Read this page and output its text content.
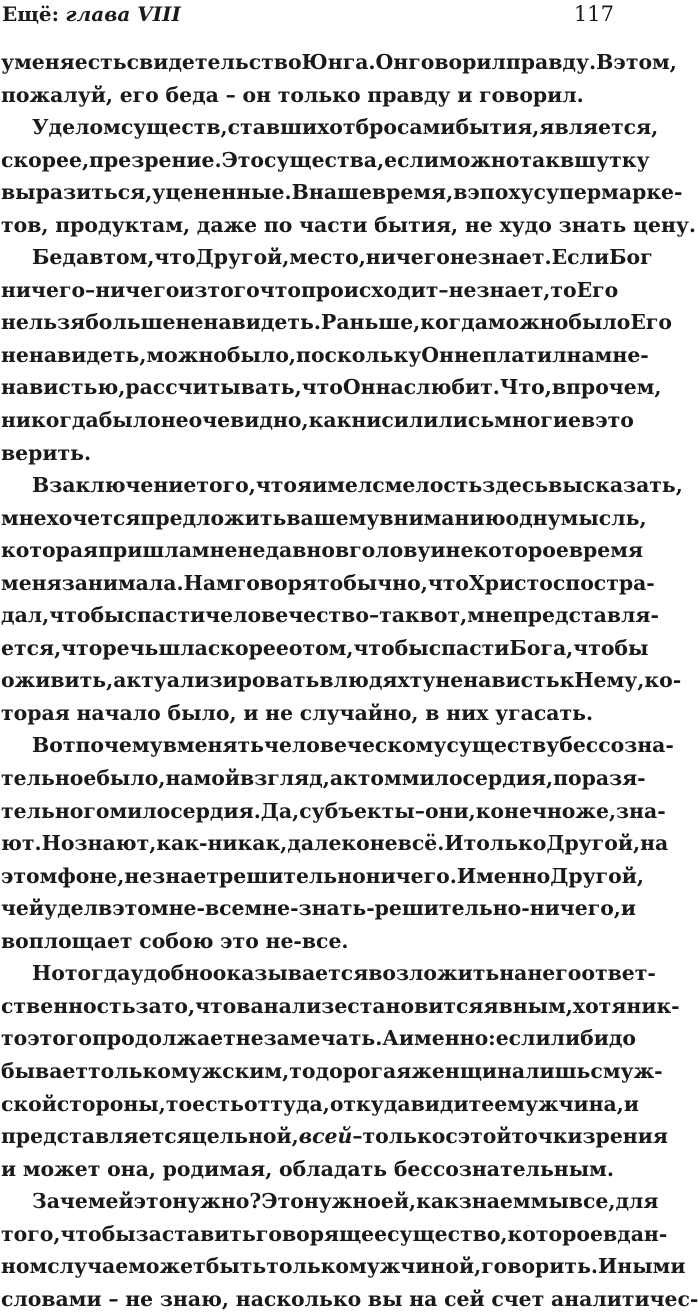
Ещё: глава VIII	117
у меня есть свидетельство Юнга. Он говорил правду. В этом,
пожалуй, его беда – он только правду и говорил.
Уделом существ, ставших отбросами бытия, является,
скорее, презрение. Это существа, если можно так в шутку
выразиться, уцененные. В наше время, в эпоху супермаркe-
тов, продуктам, даже по части бытия, не худо знать цену.
Беда в том, что Другой, место, ничего не знает. Если Бог
ничего – ничего из того что происходит – не знает, то Его
нельзя больше ненавидеть. Раньше, когда можно было Его
ненавидеть, можно было, поскольку Он не платил нам не-
навистью, рассчитывать, что Он нас любит. Что, впрочем,
никогда было не очевидно, как ни силились многие в это
верить.
В заключение того, что я имел смелость здесь высказать,
мне хочется предложить вашему вниманию одну мысль,
которая пришла мне недавно в голову и некоторое время
меня занимала. Нам говорят обычно, что Христос постра-
дал, чтобы спасти человечество – так вот, мне представля-
ется, что речь шла скорее о том, чтобы спасти Бога, чтобы
оживить, актуализировать в людях ту ненависть к Нему, ко-
торая начало было, и не случайно, в них угасать.
Вот почему вменять человеческому существу бессозна-
тельное было, на мой взгляд, актом милосердия, поразя-
тельного милосердия. Да, субъекты – они, конечно же, зна-
ют. Но знают, как-никак, далеко не всё. И только Другой, на
этом фоне, не знает решительно ничего. Именно Другой,
чей удел в этом не-всем не-знать-решительно-ничего, и
воплощает собою это не-все.
Но тогда удобно оказывается возложить на него ответ-
ственность за то, что в анализе становится явным, хотя ник-
то этого продолжает не замечать. А именно: если либидо
бывает только мужским, то дорогая женщина лишь с муж-
ской стороны, то есть оттуда, откуда видит ее мужчина, и
представляется цельной, всей – только с этой точки зрения
и может она, родимая, обладать бессознательным.
Зачем ей это нужно? Это нужно ей, как знаем мы все, для
того, чтобы заставить говорящее существо, которое в дан-
ном случае может быть только мужчиной, говорить. Иными
словами – не знаю, насколько вы на сей счет аналитичес-
